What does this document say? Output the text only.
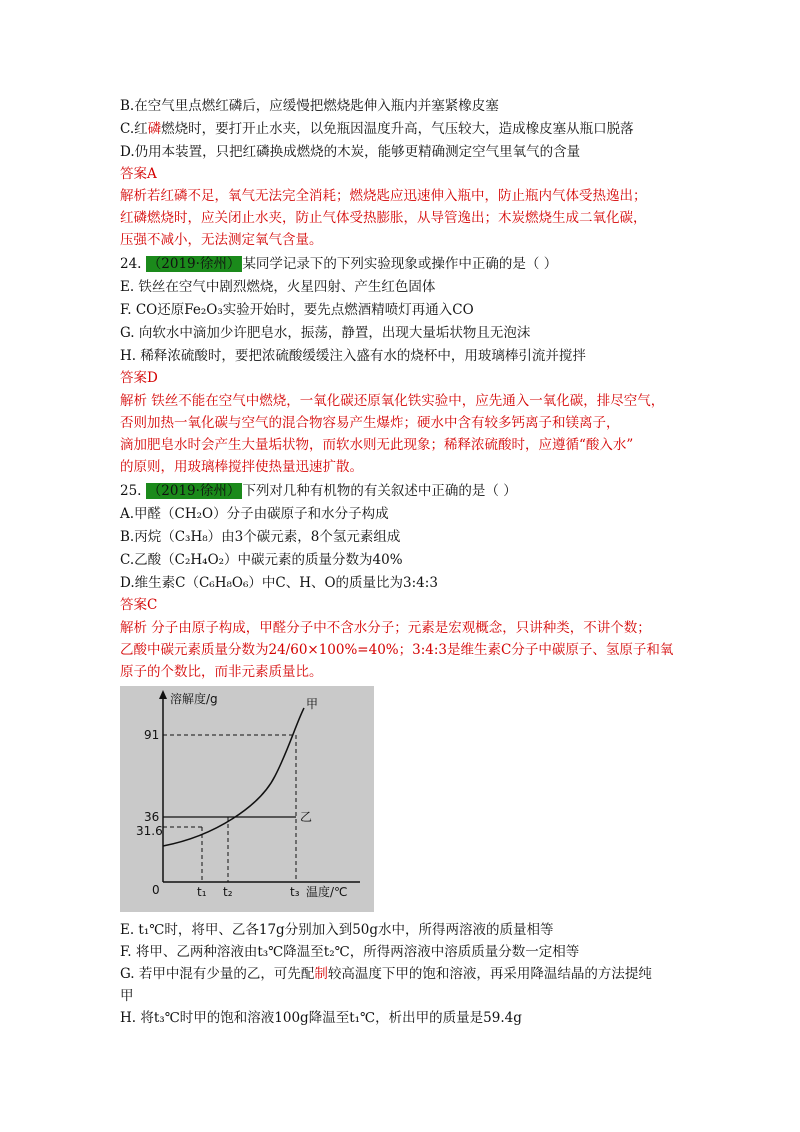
B.在空气里点燃红磷后，应缓慢把燃烧匙伸入瓶内并塞紧橡皮塞
C.红磷燃烧时，要打开止水夹，以免瓶因温度升高，气压较大，造成橡皮塞从瓶口脱落
D.仍用本装置，只把红磷换成燃烧的木炭，能够更精确测定空气里氧气的含量
答案A
解析若红磷不足，氧气无法完全消耗；燃烧匙应迅速伸入瓶中，防止瓶内气体受热逸出；
红磷燃烧时，应关闭止水夹，防止气体受热膨胀，从导管逸出；木炭燃烧生成二氧化碳，
压强不减小，无法测定氧气含量。
24. （2019·徐州） 某同学记录下的下列实验现象或操作中正确的是（ ）
E. 铁丝在空气中剧烈燃烧，火星四射、产生红色固体
F. CO还原Fe₂O₃实验开始时，要先点燃酒精喷灯再通入CO
G. 向软水中滴加少许肥皂水，振荡，静置，出现大量垢状物且无泡沫
H. 稀释浓硫酸时，要把浓硫酸缓缓注入盛有水的烧杯中，用玻璃棒引流并搅拌
答案D
解析 铁丝不能在空气中燃烧，一氧化碳还原氧化铁实验中，应先通入一氧化碳，排尽空气，
否则加热一氧化碳与空气的混合物容易产生爆炸；硬水中含有较多钙离子和镁离子，
滴加肥皂水时会产生大量垢状物，而软水则无此现象；稀释浓硫酸时，应遵循“酸入水”
的原则，用玻璃棒搅拌使热量迅速扩散。
25. （2019·徐州） 下列对几种有机物的有关叙述中正确的是（ ）
A.甲醛（CH₂O）分子由碳原子和水分子构成
B.丙烷（C₃H₈）由3个碳元素，8个氢元素组成
C.乙酸（C₂H₄O₂）中碳元素的质量分数为40%
D.维生素C（C₆H₈O₆）中C、H、O的质量比为3:4:3
答案C
解析 分子由原子构成，甲醛分子中不含水分子；元素是宏观概念，只讲种类，不讲个数；
乙酸中碳元素质量分数为24/60×100%=40%；3:4:3是维生素C分子中碳原子、氢原子和氧
原子的个数比，而非元素质量比。
溶解度/g	甲
乙
91
36
31.6
0	t₁ t₂	t₃ 温度/℃
E. t₁℃时，将甲、乙各17g分别加入到50g水中，所得两溶液的质量相等
F. 将甲、乙两种溶液由t₃℃降温至t₂℃，所得两溶液中溶质质量分数一定相等
G. 若甲中混有少量的乙，可先配制较高温度下甲的饱和溶液，再采用降温结晶的方法提纯
甲
H. 将t₃℃时甲的饱和溶液100g降温至t₁℃，析出甲的质量是59.4g
